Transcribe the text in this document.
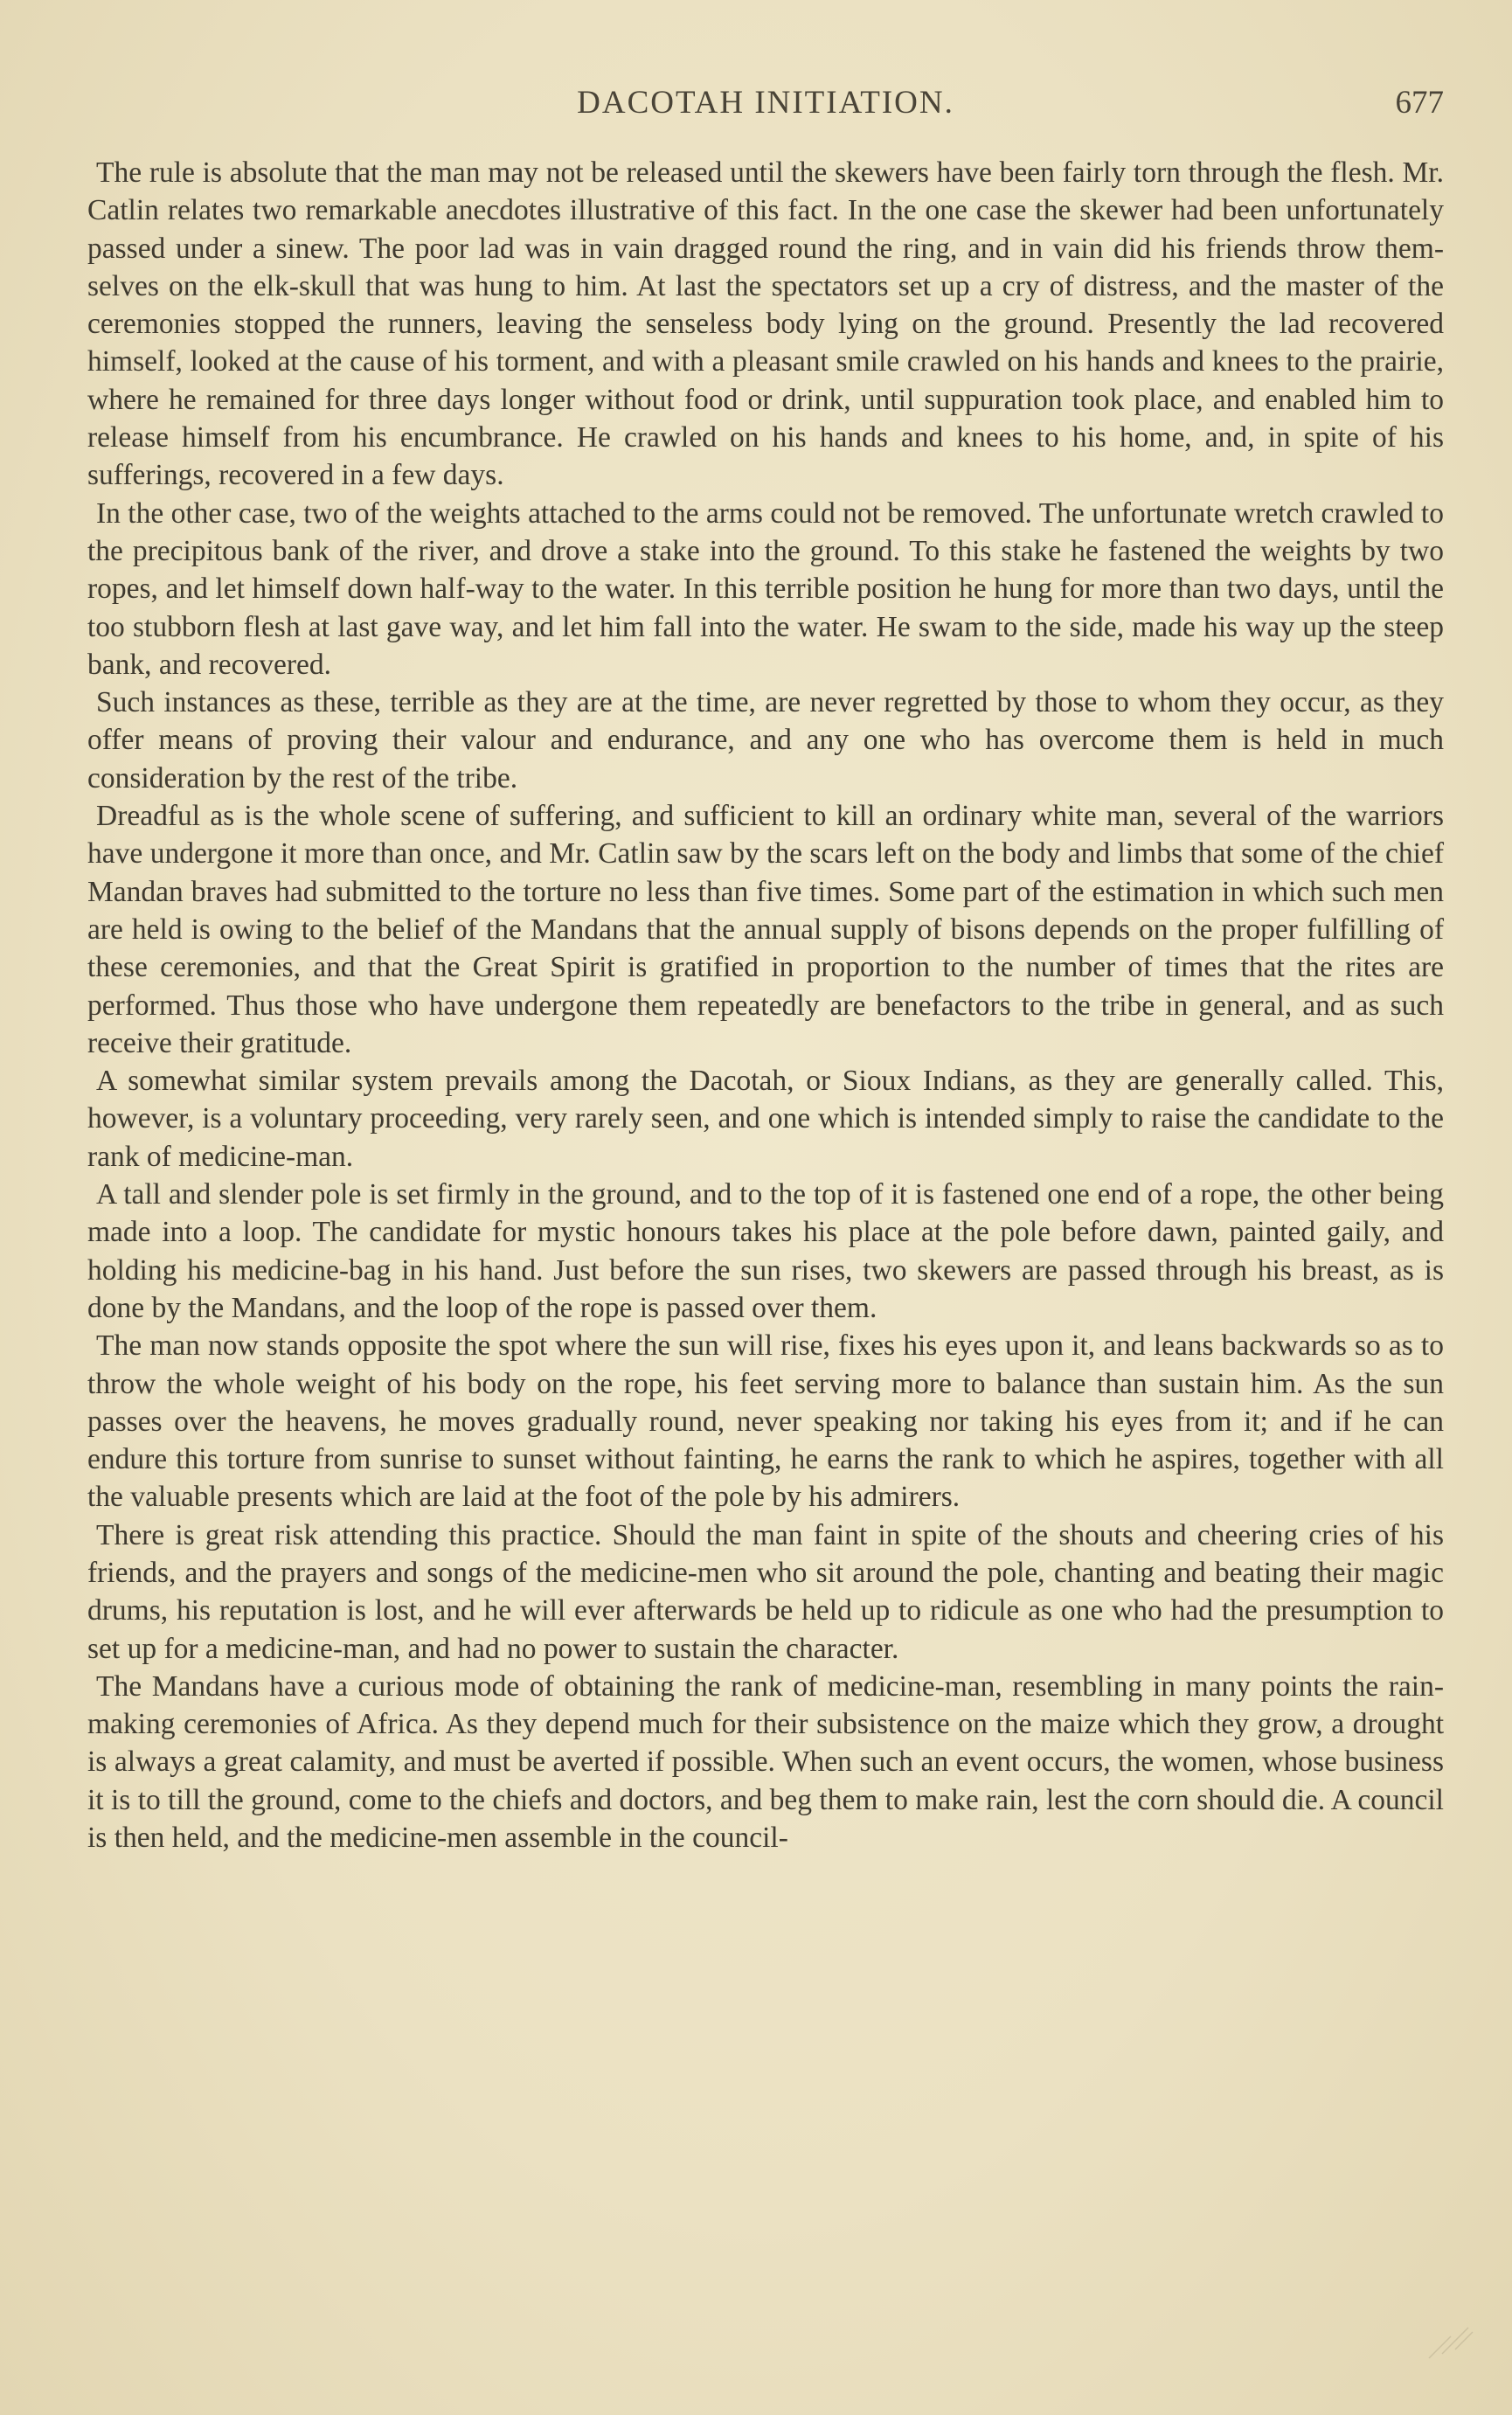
DACOTAH INITIATION.	677

The rule is absolute that the man may not be released until the skewers have been fairly torn through the flesh. Mr. Catlin relates two remarkable anecdotes illustrative of this fact. In the one case the skewer had been unfortunately passed under a sinew. The poor lad was in vain dragged round the ring, and in vain did his friends throw themselves on the elk-skull that was hung to him. At last the spectators set up a cry of distress, and the master of the ceremonies stopped the runners, leaving the senseless body lying on the ground. Presently the lad recovered himself, looked at the cause of his torment, and with a pleasant smile crawled on his hands and knees to the prairie, where he remained for three days longer without food or drink, until suppuration took place, and enabled him to release himself from his encumbrance. He crawled on his hands and knees to his home, and, in spite of his sufferings, recovered in a few days.

In the other case, two of the weights attached to the arms could not be removed. The unfortunate wretch crawled to the precipitous bank of the river, and drove a stake into the ground. To this stake he fastened the weights by two ropes, and let himself down half-way to the water. In this terrible position he hung for more than two days, until the too stubborn flesh at last gave way, and let him fall into the water. He swam to the side, made his way up the steep bank, and recovered.

Such instances as these, terrible as they are at the time, are never regretted by those to whom they occur, as they offer means of proving their valour and endurance, and any one who has overcome them is held in much consideration by the rest of the tribe.

Dreadful as is the whole scene of suffering, and sufficient to kill an ordinary white man, several of the warriors have undergone it more than once, and Mr. Catlin saw by the scars left on the body and limbs that some of the chief Mandan braves had submitted to the torture no less than five times. Some part of the estimation in which such men are held is owing to the belief of the Mandans that the annual supply of bisons depends on the proper fulfilling of these ceremonies, and that the Great Spirit is gratified in proportion to the number of times that the rites are performed. Thus those who have undergone them repeatedly are benefactors to the tribe in general, and as such receive their gratitude.

A somewhat similar system prevails among the Dacotah, or Sioux Indians, as they are generally called. This, however, is a voluntary proceeding, very rarely seen, and one which is intended simply to raise the candidate to the rank of medicine-man.

A tall and slender pole is set firmly in the ground, and to the top of it is fastened one end of a rope, the other being made into a loop. The candidate for mystic honours takes his place at the pole before dawn, painted gaily, and holding his medicine-bag in his hand. Just before the sun rises, two skewers are passed through his breast, as is done by the Mandans, and the loop of the rope is passed over them.

The man now stands opposite the spot where the sun will rise, fixes his eyes upon it, and leans backwards so as to throw the whole weight of his body on the rope, his feet serving more to balance than sustain him. As the sun passes over the heavens, he moves gradually round, never speaking nor taking his eyes from it; and if he can endure this torture from sunrise to sunset without fainting, he earns the rank to which he aspires, together with all the valuable presents which are laid at the foot of the pole by his admirers.

There is great risk attending this practice. Should the man faint in spite of the shouts and cheering cries of his friends, and the prayers and songs of the medicine-men who sit around the pole, chanting and beating their magic drums, his reputation is lost, and he will ever afterwards be held up to ridicule as one who had the presumption to set up for a medicine-man, and had no power to sustain the character.

The Mandans have a curious mode of obtaining the rank of medicine-man, resembling in many points the rain-making ceremonies of Africa. As they depend much for their subsistence on the maize which they grow, a drought is always a great calamity, and must be averted if possible. When such an event occurs, the women, whose business it is to till the ground, come to the chiefs and doctors, and beg them to make rain, lest the corn should die. A council is then held, and the medicine-men assemble in the council-
